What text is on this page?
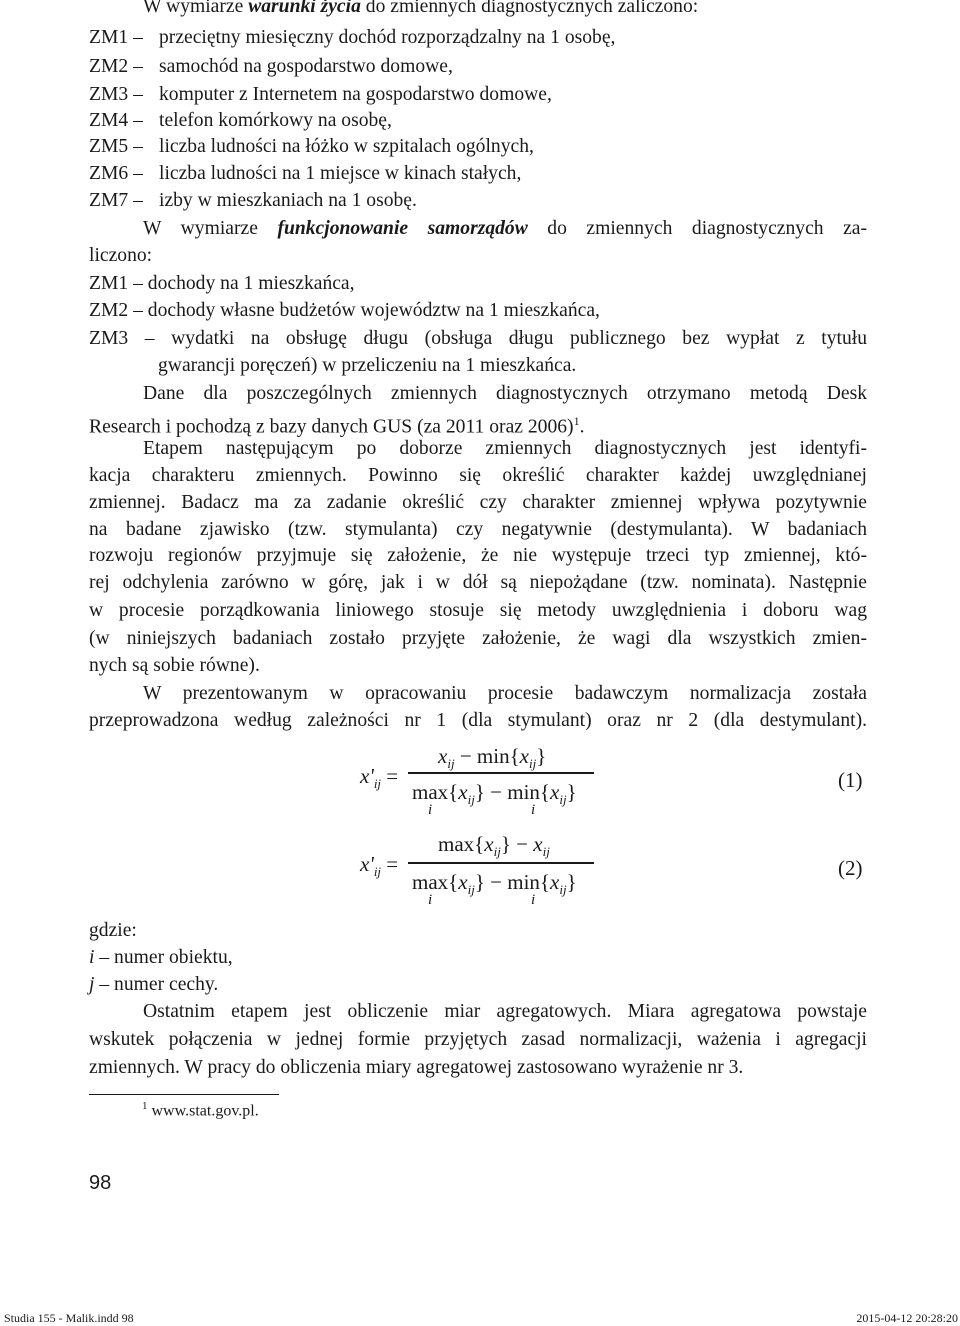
W wymiarze warunki życia do zmiennych diagnostycznych zaliczono:
ZM1 – przeciętny miesięczny dochód rozporządzalny na 1 osobę,
ZM2 – samochód na gospodarstwo domowe,
ZM3 – komputer z Internetem na gospodarstwo domowe,
ZM4 – telefon komórkowy na osobę,
ZM5 – liczba ludności na łóżko w szpitalach ogólnych,
ZM6 – liczba ludności na 1 miejsce w kinach stałych,
ZM7 – izby w mieszkaniach na 1 osobę.
W wymiarze funkcjonowanie samorządów do zmiennych diagnostycznych za-
liczono:
ZM1 – dochody na 1 mieszkańca,
ZM2 – dochody własne budżetów województw na 1 mieszkańca,
ZM3 – wydatki na obsługę długu (obsługa długu publicznego bez wypłat z tytułu
gwarancji poręczeń) w przeliczeniu na 1 mieszkańca.
Dane dla poszczególnych zmiennych diagnostycznych otrzymano metodą Desk
Research i pochodzą z bazy danych GUS (za 2011 oraz 2006)$^1$.
Etapem następującym po doborze zmiennych diagnostycznych jest identyfi-
kacja charakteru zmiennych. Powinno się określić charakter każdej uwzględnianej
zmiennej. Badacz ma za zadanie określić czy charakter zmiennej wpływa pozytywnie
na badane zjawisko (tzw. stymulanta) czy negatywnie (destymulanta). W badaniach
rozwoju regionów przyjmuje się założenie, że nie występuje trzeci typ zmiennej, któ-
rej odchylenia zarówno w górę, jak i w dół są niepożądane (tzw. nominata). Następnie
w procesie porządkowania liniowego stosuje się metody uwzględnienia i doboru wag
(w niniejszych badaniach zostało przyjęte założenie, że wagi dla wszystkich zmien-
nych są sobie równe).
W prezentowanym w opracowaniu procesie badawczym normalizacja została
przeprowadzona według zależności nr 1 (dla stymulant) oraz nr 2 (dla destymulant).
$x'_{ij}$ =
$x_{ij} - \min\{x_{ij}\}$
$\max\{x_{ij}\} - \min\{x_{ij}\}$
i	i
(1)
$x'_{ij}$ =
$\max\{x_{ij}\} - x_{ij}$
$\max\{x_{ij}\} - \min\{x_{ij}\}$
i	i
(2)
gdzie:
i – numer obiektu,
j – numer cechy.
Ostatnim etapem jest obliczenie miar agregatowych. Miara agregatowa powstaje
wskutek połączenia w jednej formie przyjętych zasad normalizacji, ważenia i agregacji
zmiennych. W pracy do obliczenia miary agregatowej zastosowano wyrażenie nr 3.
$^1$ www.stat.gov.pl.
98
Studia 155 - Malik.indd 98	2015-04-12 20:28:20
